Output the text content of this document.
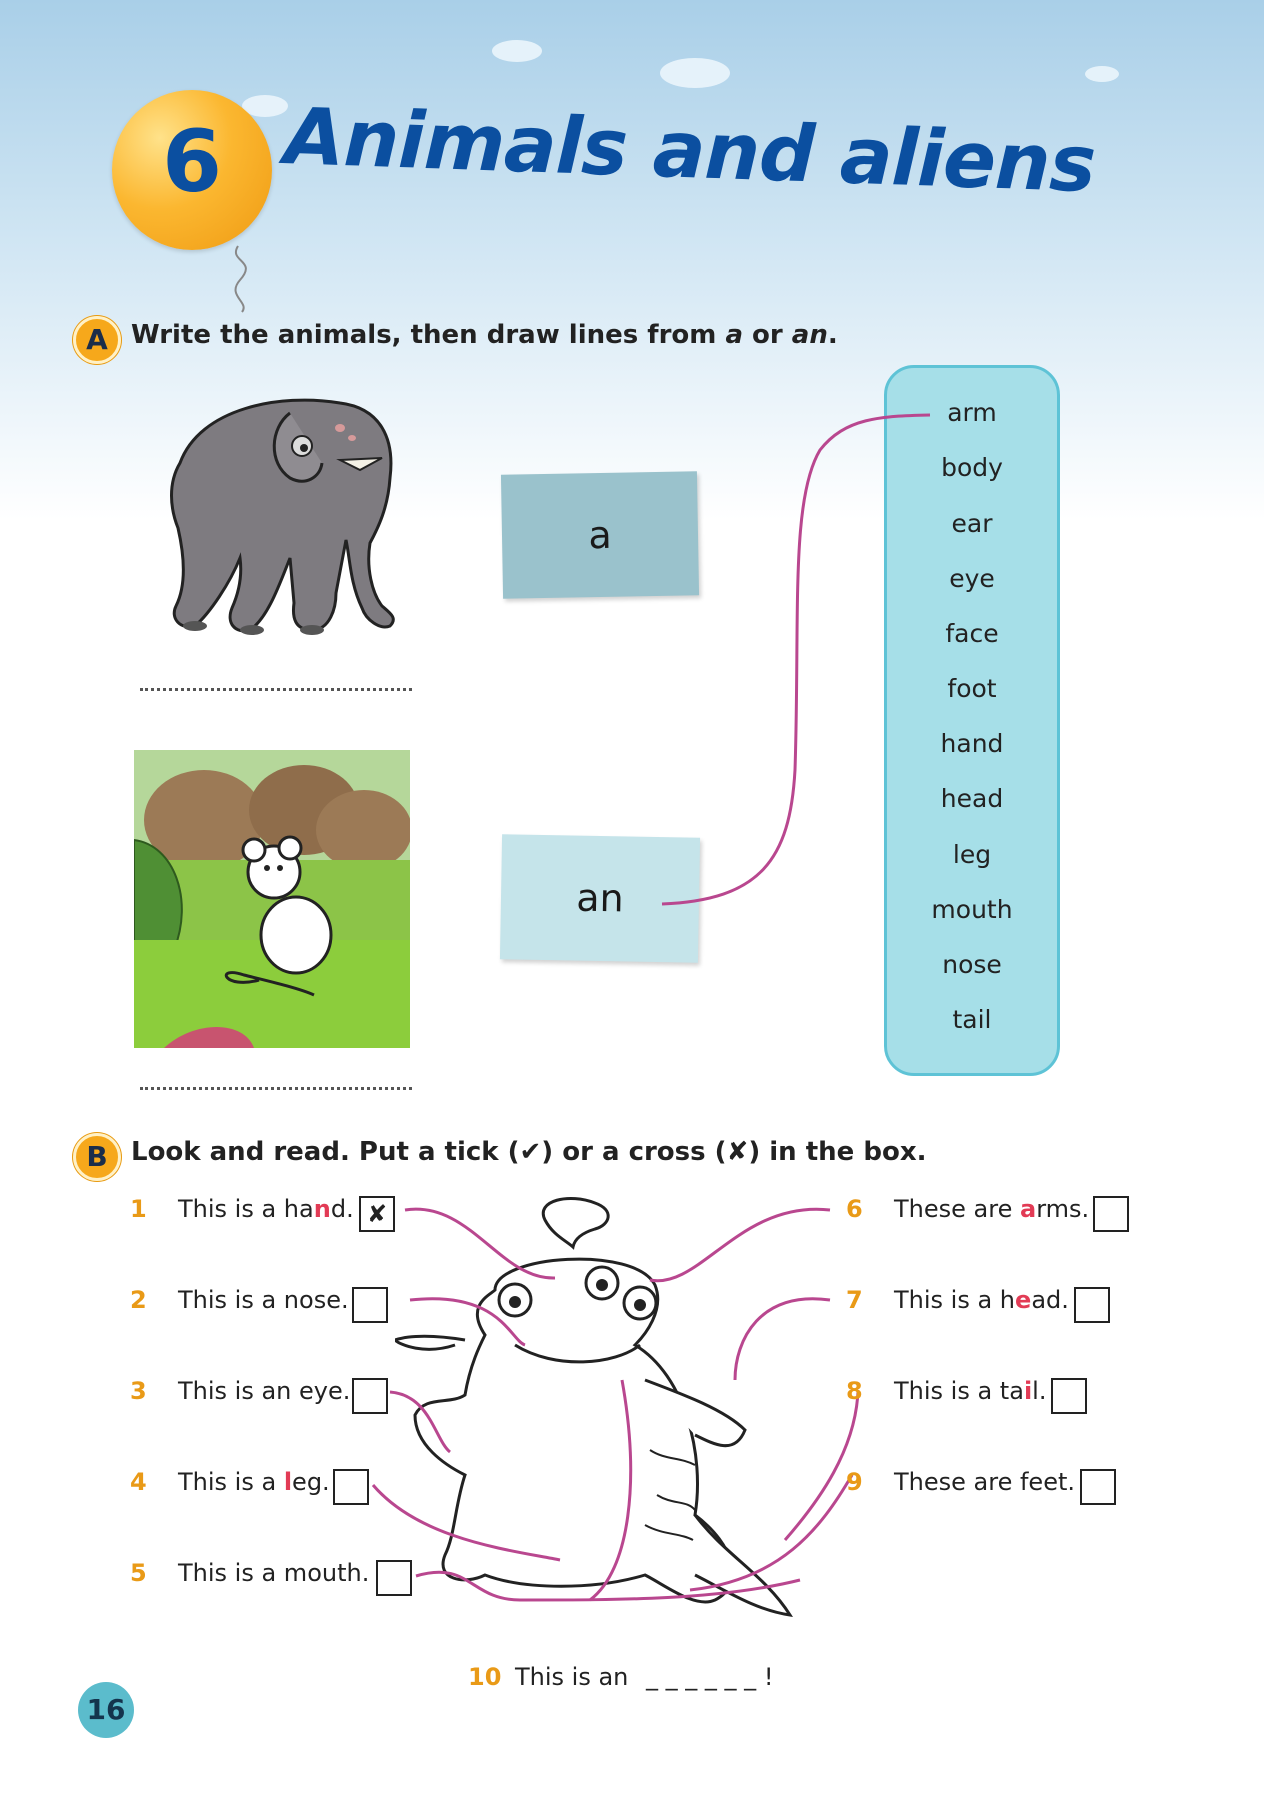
6 Animals and aliens
A Write the animals, then draw lines from a or an.
a
an
arm
body
ear
eye
face
foot
hand
head
leg
mouth
nose
tail
B Look and read. Put a tick (✔) or a cross (✘) in the box.
1 This is a hand. ✘
2 This is a nose.
3 This is an eye.
4 This is a leg.
5 This is a mouth.
6 These are arms.
7 This is a head.
8 This is a tail.
9 These are feet.
10 This is an _ _ _ _ _ _ !
16
